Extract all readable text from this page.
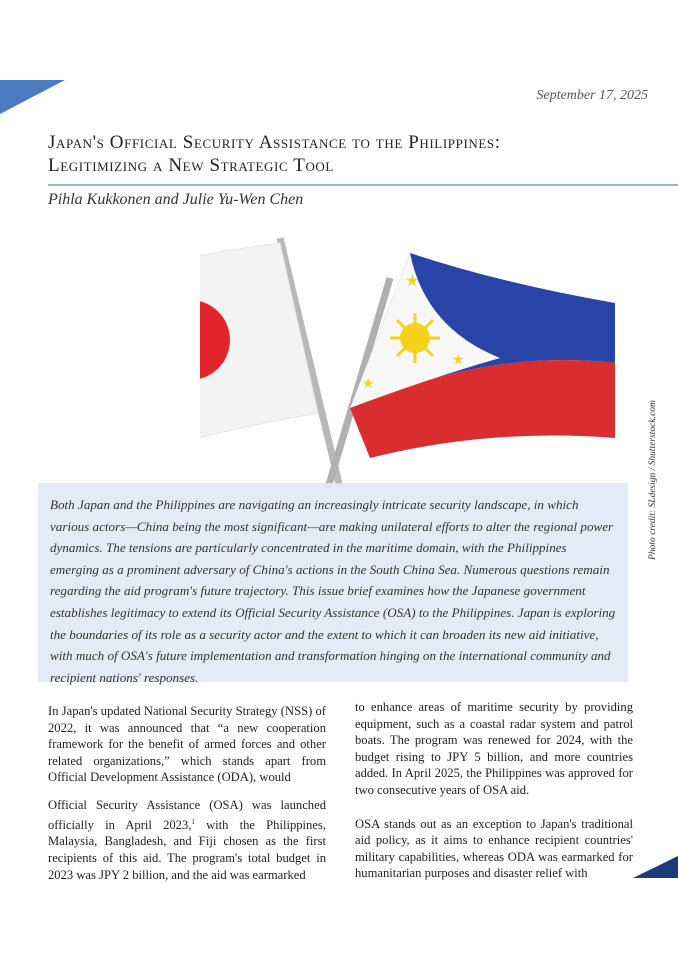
September 17, 2025
Japan's Official Security Assistance to the Philippines:
Legitimizing a New Strategic Tool
Pihla Kukkonen and Julie Yu-Wen Chen
★
★
★
Photo credit: SLdesign / Shutterstock.com
Both Japan and the Philippines are navigating an increasingly intricate security landscape, in which various actors—China being the most significant—are making unilateral efforts to alter the regional power dynamics. The tensions are particularly concentrated in the maritime domain, with the Philippines emerging as a prominent adversary of China's actions in the South China Sea. Numerous questions remain regarding the aid program's future trajectory. This issue brief examines how the Japanese government establishes legitimacy to extend its Official Security Assistance (OSA) to the Philippines. Japan is exploring the boundaries of its role as a security actor and the extent to which it can broaden its new aid initiative, with much of OSA's future implementation and transformation hinging on the international community and recipient nations' responses.

In Japan's updated National Security Strategy (NSS) of 2022, it was announced that “a new cooperation framework for the benefit of armed forces and other related organizations,” which stands apart from Official Development Assistance (ODA), would

Official Security Assistance (OSA) was launched officially in April 2023,$^1$ with the Philippines, Malaysia, Bangladesh, and Fiji chosen as the first recipients of this aid. The program's total budget in 2023 was JPY 2 billion, and the aid was earmarked

to enhance areas of maritime security by providing equipment, such as a coastal radar system and patrol boats. The program was renewed for 2024, with the budget rising to JPY 5 billion, and more countries added. In April 2025, the Philippines was approved for two consecutive years of OSA aid.

OSA stands out as an exception to Japan's traditional aid policy, as it aims to enhance recipient countries' military capabilities, whereas ODA was earmarked for humanitarian purposes and disaster relief with
